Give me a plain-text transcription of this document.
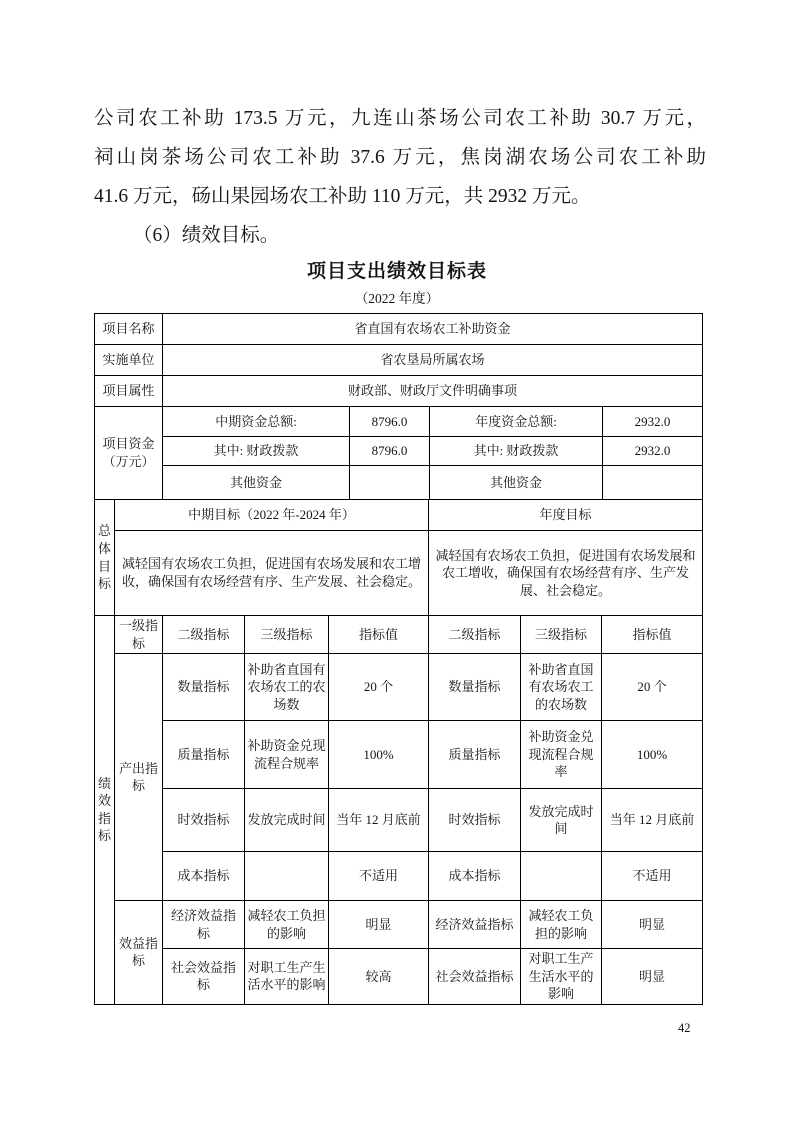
公司农工补助 173.5 万元，九连山茶场公司农工补助 30.7 万元，
祠山岗茶场公司农工补助 37.6 万元，焦岗湖农场公司农工补助
41.6 万元，砀山果园场农工补助 110 万元，共 2932 万元。
（6）绩效目标。
项目支出绩效目标表
（2022 年度）
项目名称	省直国有农场农工补助资金
实施单位	省农垦局所属农场
项目属性	财政部、财政厅文件明确事项
项目资金（万元）	中期资金总额:	8796.0	年度资金总额:	2932.0
	其中: 财政拨款	8796.0	其中: 财政拨款	2932.0
	其他资金		其他资金	
总体目标	中期目标（2022 年-2024 年）	年度目标
	减轻国有农场农工负担，促进国有农场发展和农工增收，确保国有农场经营有序、生产发展、社会稳定。	减轻国有农场农工负担，促进国有农场发展和农工增收，确保国有农场经营有序、生产发展、社会稳定。
绩效指标	一级指标	二级指标	三级指标	指标值	二级指标	三级指标	指标值
	产出指标	数量指标	补助省直国有农场农工的农场数	20 个	数量指标	补助省直国有农场农工的农场数	20 个
		质量指标	补助资金兑现流程合规率	100%	质量指标	补助资金兑现流程合规率	100%
		时效指标	发放完成时间	当年 12 月底前	时效指标	发放完成时间	当年 12 月底前
		成本指标		不适用	成本指标		不适用
	效益指标	经济效益指标	减轻农工负担的影响	明显	经济效益指标	减轻农工负担的影响	明显
		社会效益指标	对职工生产生活水平的影响	较高	社会效益指标	对职工生产生活水平的影响	明显
42
